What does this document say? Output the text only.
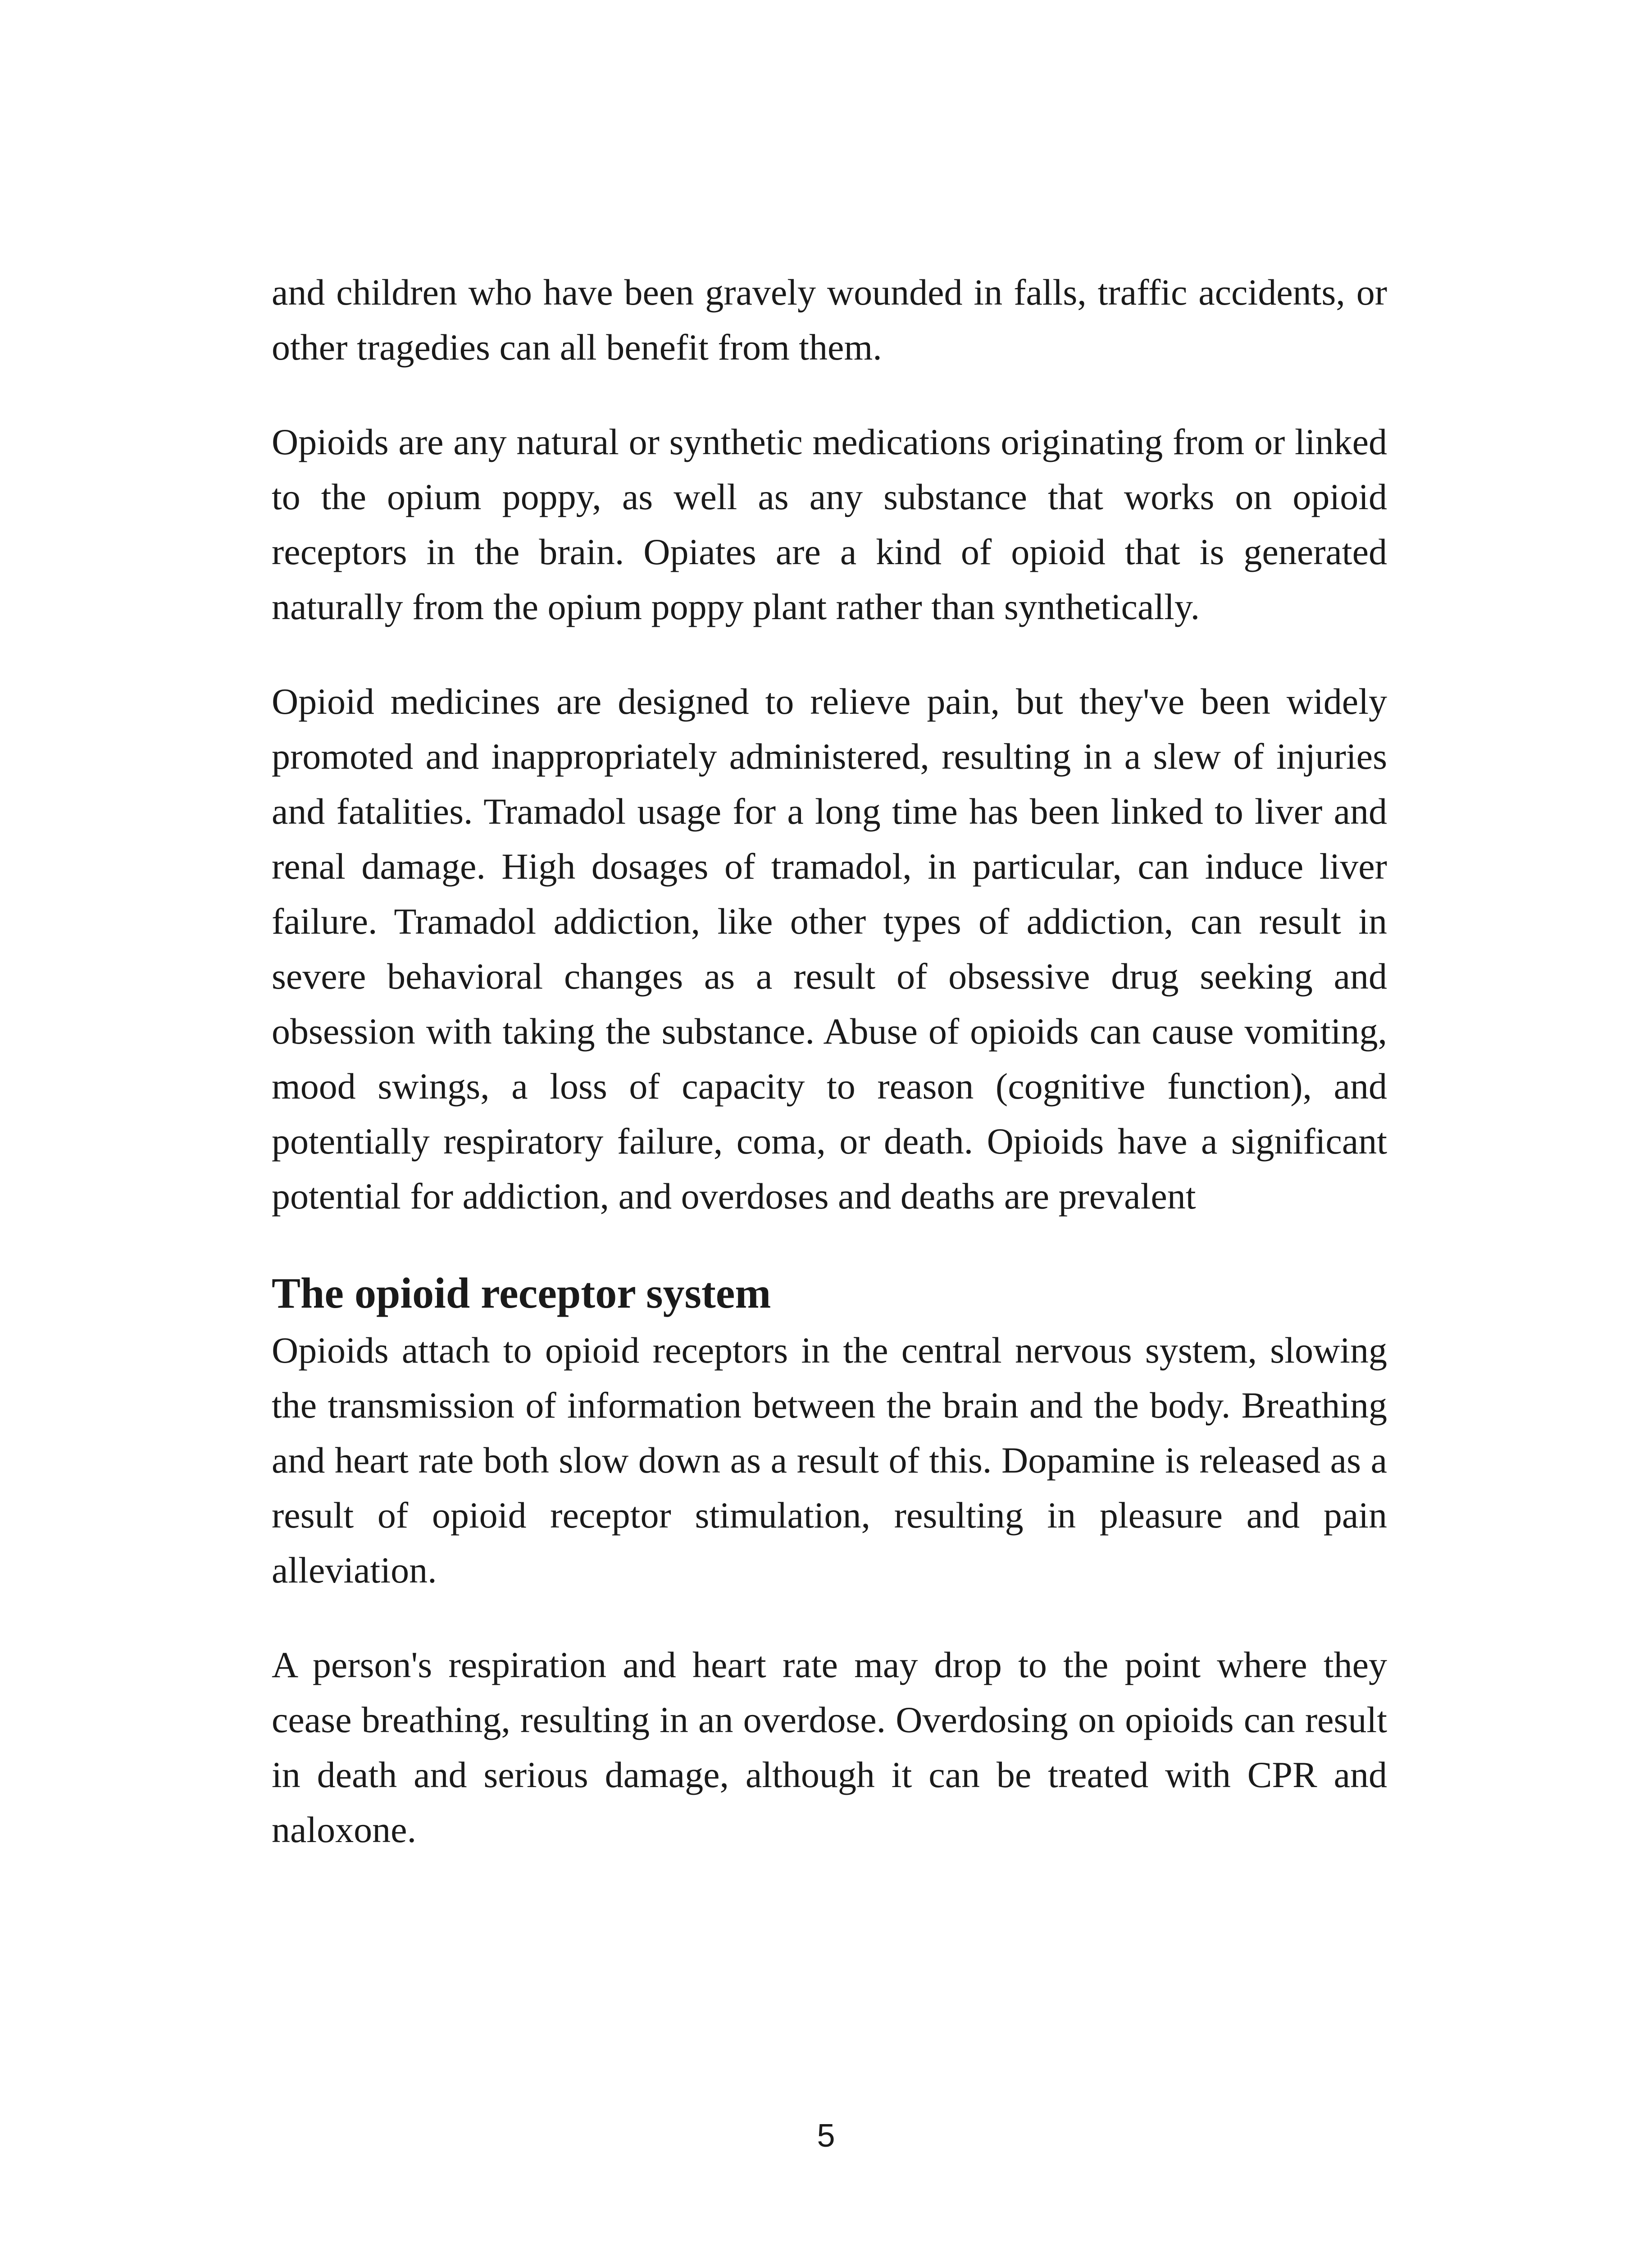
and children who have been gravely wounded in falls, traffic accidents, or other tragedies can all benefit from them.

Opioids are any natural or synthetic medications originating from or linked to the opium poppy, as well as any substance that works on opioid receptors in the brain. Opiates are a kind of opioid that is generated naturally from the opium poppy plant rather than synthetically.

Opioid medicines are designed to relieve pain, but they've been widely promoted and inappropriately administered, resulting in a slew of injuries and fatalities. Tramadol usage for a long time has been linked to liver and renal damage. High dosages of tramadol, in particular, can induce liver failure. Tramadol addiction, like other types of addiction, can result in severe behavioral changes as a result of obsessive drug seeking and obsession with taking the substance. Abuse of opioids can cause vomiting, mood swings, a loss of capacity to reason (cognitive function), and potentially respiratory failure, coma, or death. Opioids have a significant potential for addiction, and overdoses and deaths are prevalent

The opioid receptor system

Opioids attach to opioid receptors in the central nervous system, slowing the transmission of information between the brain and the body. Breathing and heart rate both slow down as a result of this. Dopamine is released as a result of opioid receptor stimulation, resulting in pleasure and pain alleviation.

A person's respiration and heart rate may drop to the point where they cease breathing, resulting in an overdose. Overdosing on opioids can result in death and serious damage, although it can be treated with CPR and naloxone.

5
